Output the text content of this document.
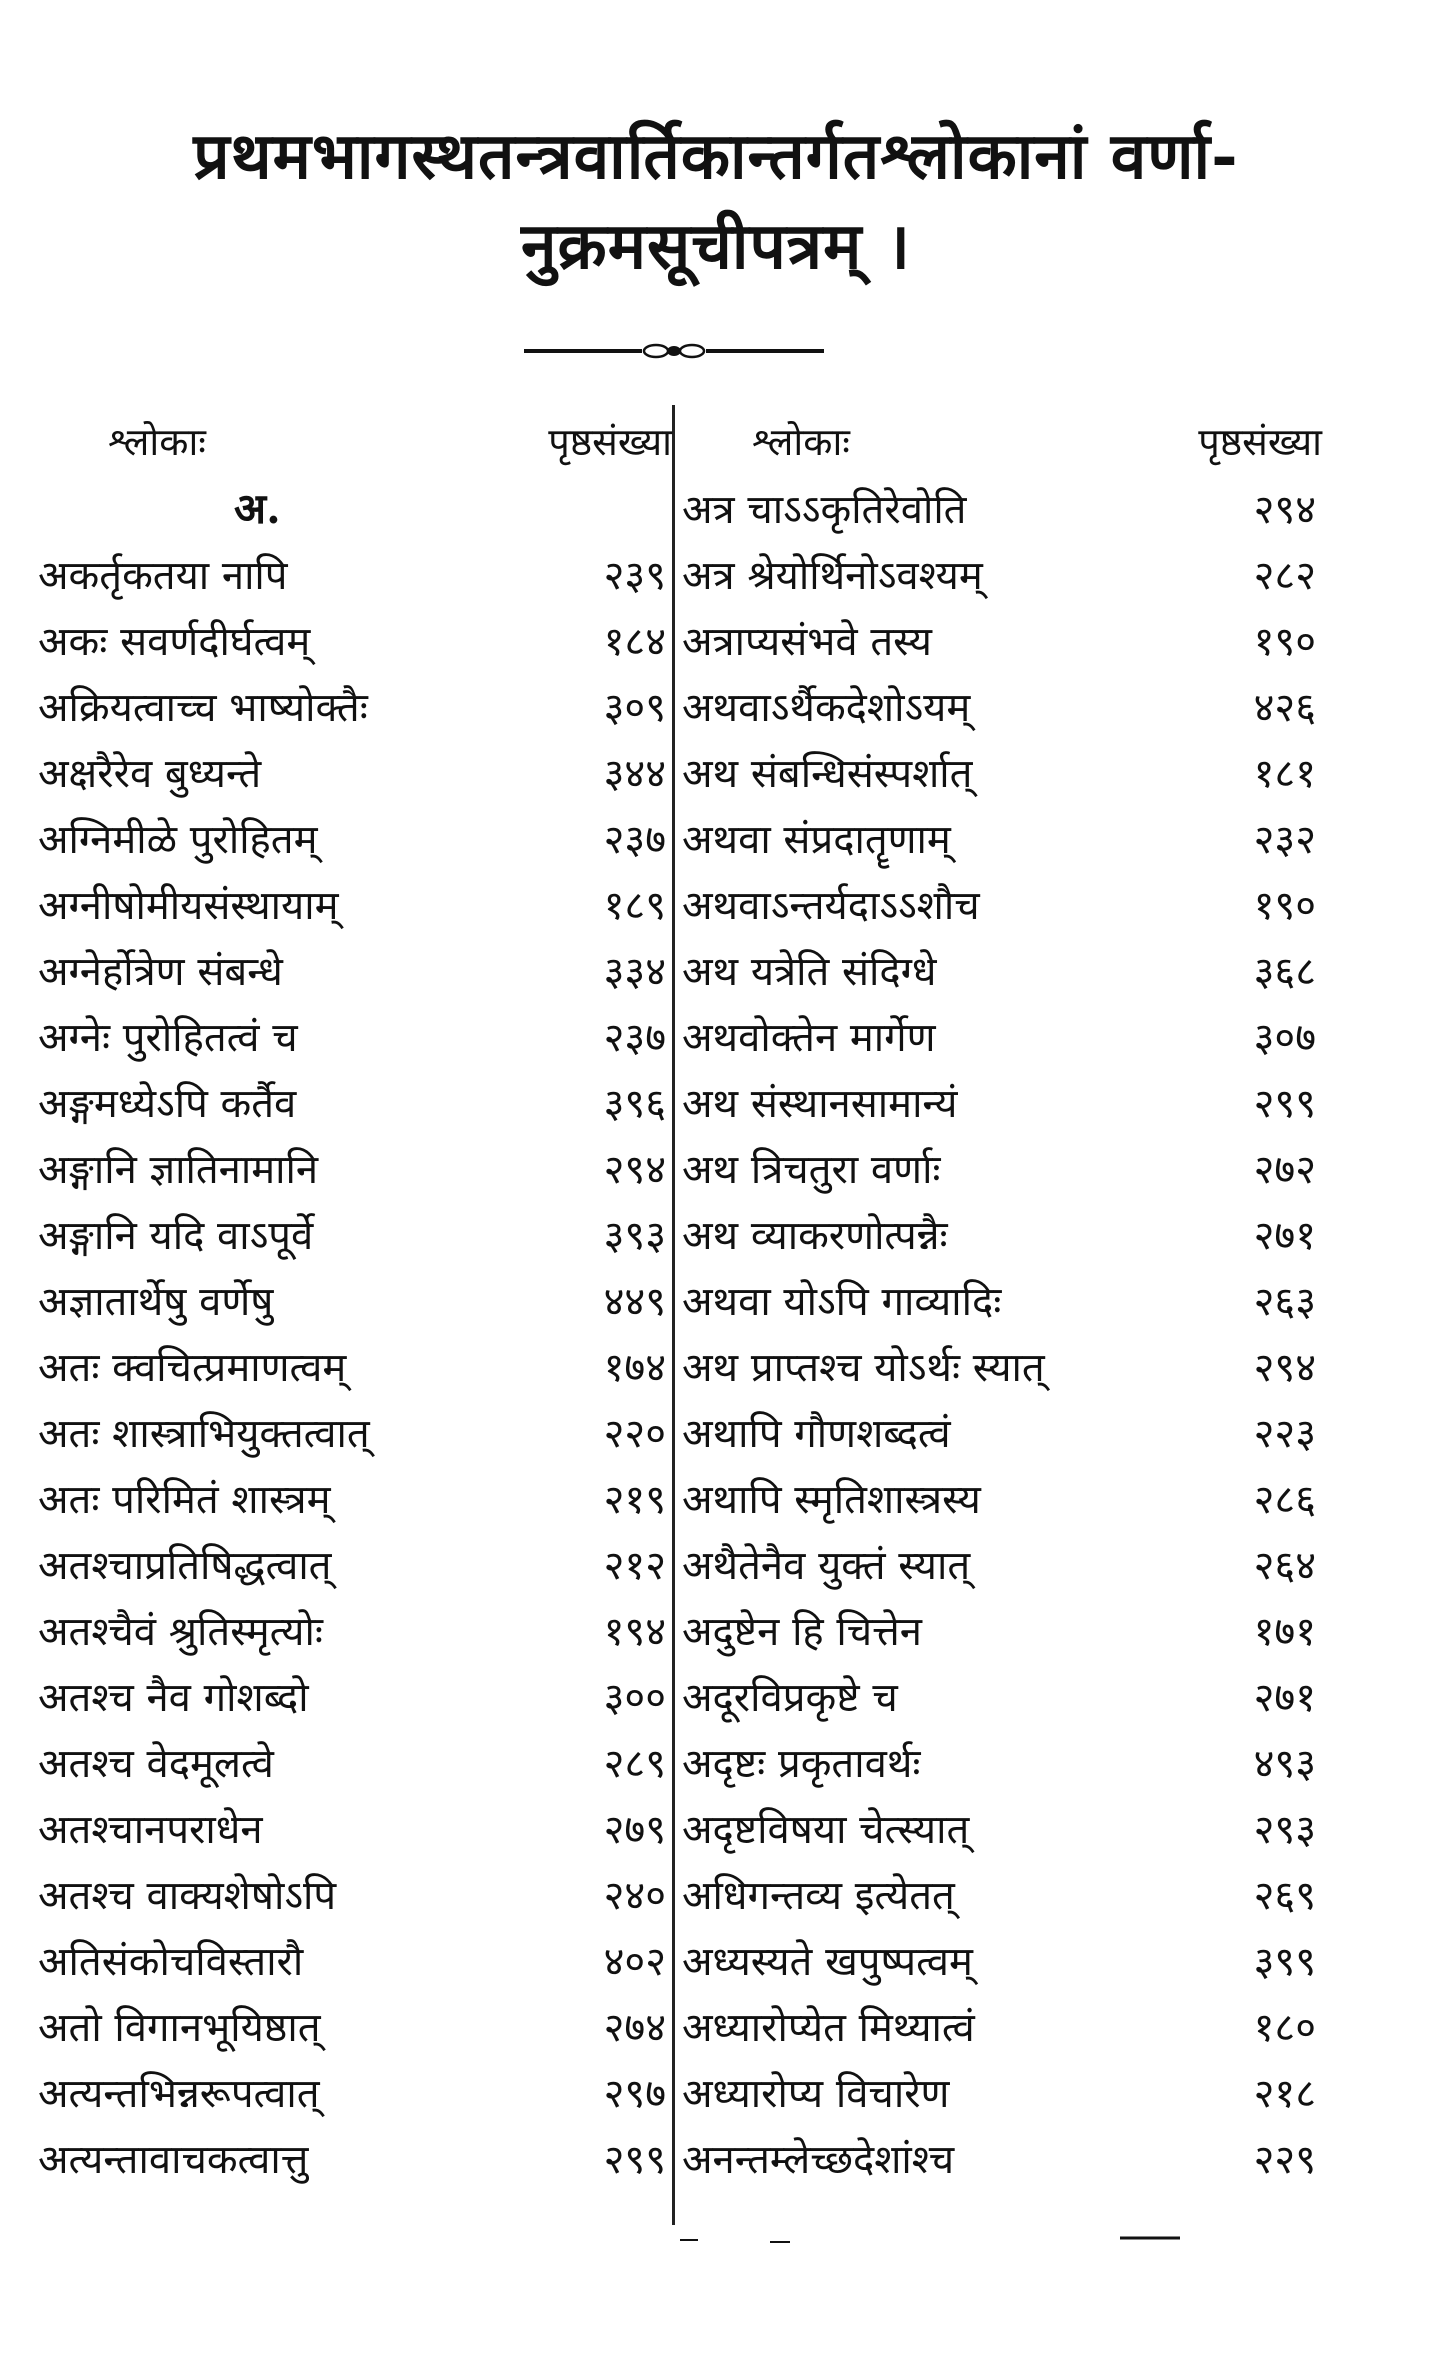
प्रथमभागस्थतन्त्रवार्तिकान्तर्गतश्लोकानां वर्णा-
नुक्रमसूचीपत्रम् ।
श्लोकाः	पृष्ठसंख्या
अ.
अकर्तृकतया नापि	२३९
अकः सवर्णदीर्घत्वम्	१८४
अक्रियत्वाच्च भाष्योक्तैः	३०९
अक्षरैरेव बुध्यन्ते	३४४
अग्निमीळे पुरोहितम्	२३७
अग्नीषोमीयसंस्थायाम्	१८९
अग्नेर्होत्रेण संबन्धे	३३४
अग्नेः पुरोहितत्वं च	२३७
अङ्गमध्येऽपि कर्तैव	३९६
अङ्गानि ज्ञातिनामानि	२९४
अङ्गानि यदि वाऽपूर्वे	३९३
अज्ञातार्थेषु वर्णेषु	४४९
अतः क्वचित्प्रमाणत्वम्	१७४
अतः शास्त्राभियुक्तत्वात्	२२०
अतः परिमितं शास्त्रम्	२१९
अतश्चाप्रतिषिद्धत्वात्	२१२
अतश्चैवं श्रुतिस्मृत्योः	१९४
अतश्च नैव गोशब्दो	३००
अतश्च वेदमूलत्वे	२८९
अतश्चानपराधेन	२७९
अतश्च वाक्यशेषोऽपि	२४०
अतिसंकोचविस्तारौ	४०२
अतो विगानभूयिष्ठात्	२७४
अत्यन्तभिन्नरूपत्वात्	२९७
अत्यन्तावाचकत्वात्तु	२९९
श्लोकाः	पृष्ठसंख्या
अत्र चाऽऽकृतिरेवोति	२९४
अत्र श्रेयोर्थिनोऽवश्यम्	२८२
अत्राप्यसंभवे तस्य	१९०
अथवाऽर्थैकदेशोऽयम्	४२६
अथ संबन्धिसंस्पर्शात्	१८१
अथवा संप्रदातॄणाम्	२३२
अथवाऽन्तर्यदाऽऽशौच	१९०
अथ यत्रेति संदिग्धे	३६८
अथवोक्तेन मार्गेण	३०७
अथ संस्थानसामान्यं	२९९
अथ त्रिचतुरा वर्णाः	२७२
अथ व्याकरणोत्पन्नैः	२७१
अथवा योऽपि गाव्यादिः	२६३
अथ प्राप्तश्च योऽर्थः स्यात्	२९४
अथापि गौणशब्दत्वं	२२३
अथापि स्मृतिशास्त्रस्य	२८६
अथैतेनैव युक्तं स्यात्	२६४
अदुष्टेन हि चित्तेन	१७१
अदूरविप्रकृष्टे च	२७१
अदृष्टः प्रकृतावर्थः	४९३
अदृष्टविषया चेत्स्यात्	२९३
अधिगन्तव्य इत्येतत्	२६९
अध्यस्यते खपुष्पत्वम्	३९९
अध्यारोप्येत मिथ्यात्वं	१८०
अध्यारोप्य विचारेण	२१८
अनन्तम्लेच्छदेशांश्च	२२९
